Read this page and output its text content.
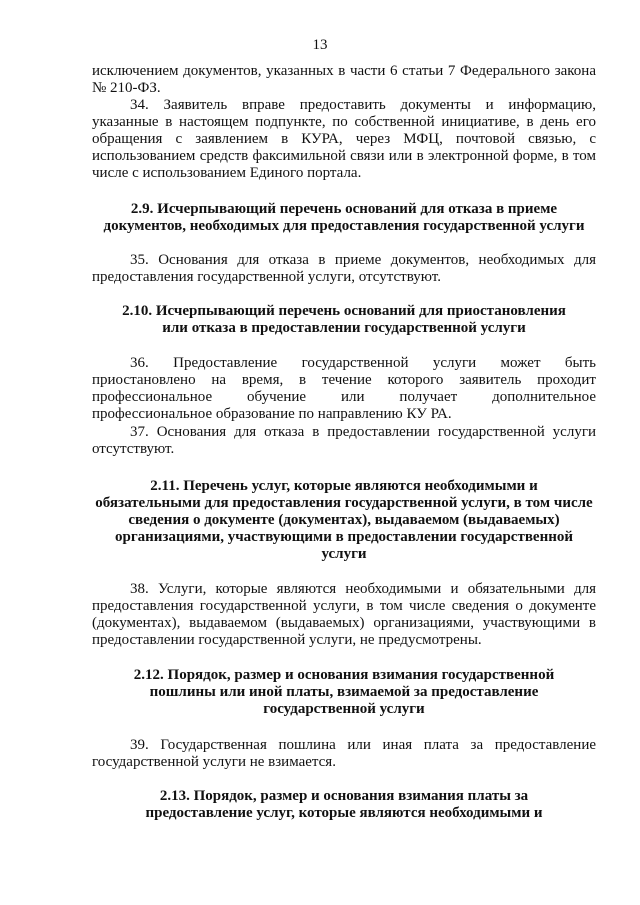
13
исключением документов, указанных в части 6 статьи 7 Федерального закона
№ 210-ФЗ.
34. Заявитель вправе предоставить документы и информацию, указанные в настоящем подпункте, по собственной инициативе, в день его обращения с заявлением в КУРА, через МФЦ, почтовой связью, с использованием средств факсимильной связи или в электронной форме, в том числе с использованием Единого портала.
2.9. Исчерпывающий перечень оснований для отказа в приеме
документов, необходимых для предоставления государственной услуги
35. Основания для отказа в приеме документов, необходимых для предоставления государственной услуги, отсутствуют.
2.10. Исчерпывающий перечень оснований для приостановления
или отказа в предоставлении государственной услуги
36. Предоставление государственной услуги может быть
приостановлено на время, в течение которого заявитель проходит
профессиональное обучение или получает дополнительное
профессиональное образование по направлению КУ РА.
37. Основания для отказа в предоставлении государственной услуги отсутствуют.
2.11. Перечень услуг, которые являются необходимыми и
обязательными для предоставления государственной услуги, в том числе
сведения о документе (документах), выдаваемом (выдаваемых)
организациями, участвующими в предоставлении государственной
услуги
38. Услуги, которые являются необходимыми и обязательными для предоставления государственной услуги, в том числе сведения о документе (документах), выдаваемом (выдаваемых) организациями, участвующими в предоставлении государственной услуги, не предусмотрены.
2.12. Порядок, размер и основания взимания государственной
пошлины или иной платы, взимаемой за предоставление
государственной услуги
39. Государственная пошлина или иная плата за предоставление государственной услуги не взимается.
2.13. Порядок, размер и основания взимания платы за
предоставление услуг, которые являются необходимыми и
